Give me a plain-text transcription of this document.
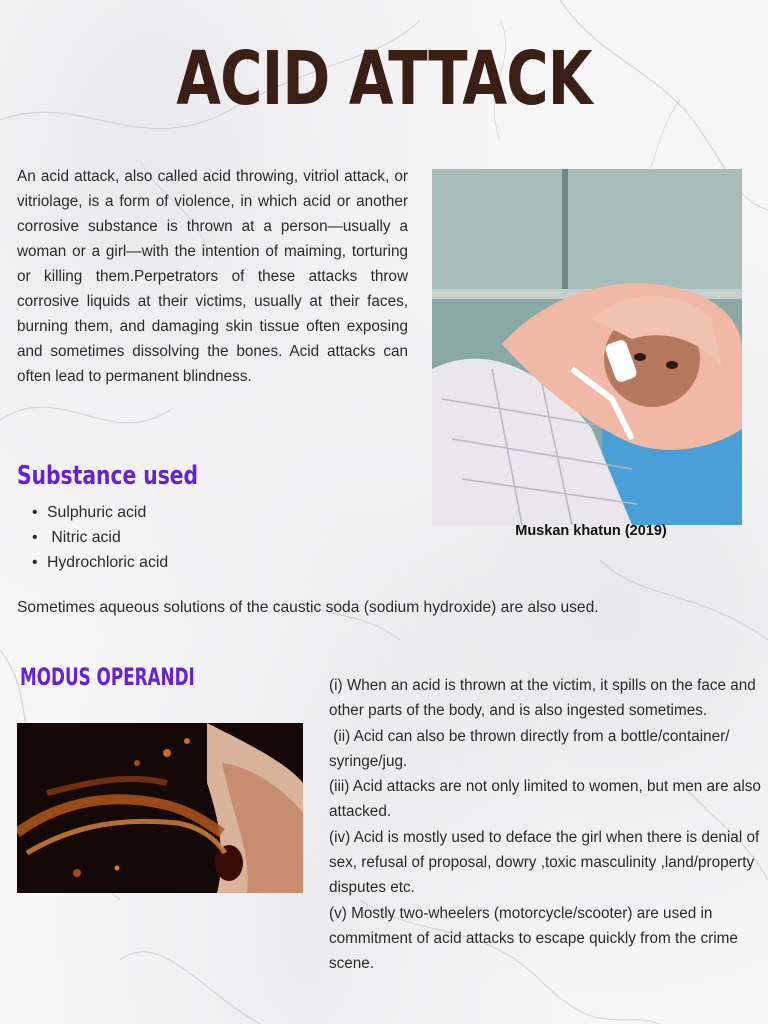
ACID ATTACK

An acid attack, also called acid throwing, vitriol attack, or vitriolage, is a form of violence, in which acid or another corrosive substance is thrown at a person—usually a woman or a girl—with the intention of maiming, torturing or killing them.Perpetrators of these attacks throw corrosive liquids at their victims, usually at their faces, burning them, and damaging skin tissue often exposing and sometimes dissolving the bones. Acid attacks can often lead to permanent blindness.

Muskan khatun (2019)

Substance used
• Sulphuric acid
•  Nitric acid
• Hydrochloric acid

Sometimes aqueous solutions of the caustic soda (sodium hydroxide) are also used.

MODUS OPERANDI	(i) When an acid is thrown at the victim, it spills on the face and other parts of the body, and is also ingested sometimes.

(ii) Acid can also be thrown directly from a bottle/container/ syringe/jug.

(iii) Acid attacks are not only limited to women, but men are also attacked.

(iv) Acid is mostly used to deface the girl when there is denial of sex, refusal of proposal, dowry ,toxic masculinity ,land/property disputes etc.

(v) Mostly two-wheelers (motorcycle/scooter) are used in commitment of acid attacks to escape quickly from the crime scene.
